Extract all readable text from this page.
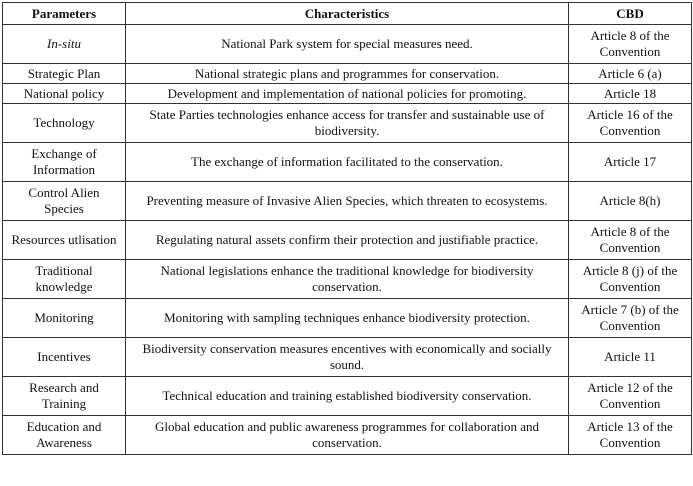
Parameters	Characteristics	CBD
In-situ	National Park system for special measures need.	Article 8 of the Convention
Strategic Plan	National strategic plans and programmes for conservation.	Article 6 (a)
National policy	Development and implementation of national policies for promoting.	Article 18
Technology	State Parties technologies enhance access for transfer and sustainable use of biodiversity.	Article 16 of the Convention
Exchange of Information	The exchange of information facilitated to the conservation.	Article 17
Control Alien Species	Preventing measure of Invasive Alien Species, which threaten to ecosystems.	Article 8(h)
Resources utlisation	Regulating natural assets confirm their protection and justifiable practice.	Article 8 of the Convention
Traditional knowledge	National legislations enhance the traditional knowledge for biodiversity conservation.	Article 8 (j) of the Convention
Monitoring	Monitoring with sampling techniques enhance biodiversity protection.	Article 7 (b) of the Convention
Incentives	Biodiversity conservation measures encentives with economically and socially sound.	Article 11
Research and Training	Technical education and training established biodiversity conservation.	Article 12 of the Convention
Education and Awareness	Global education and public awareness programmes for collaboration and conservation.	Article 13 of the Convention
